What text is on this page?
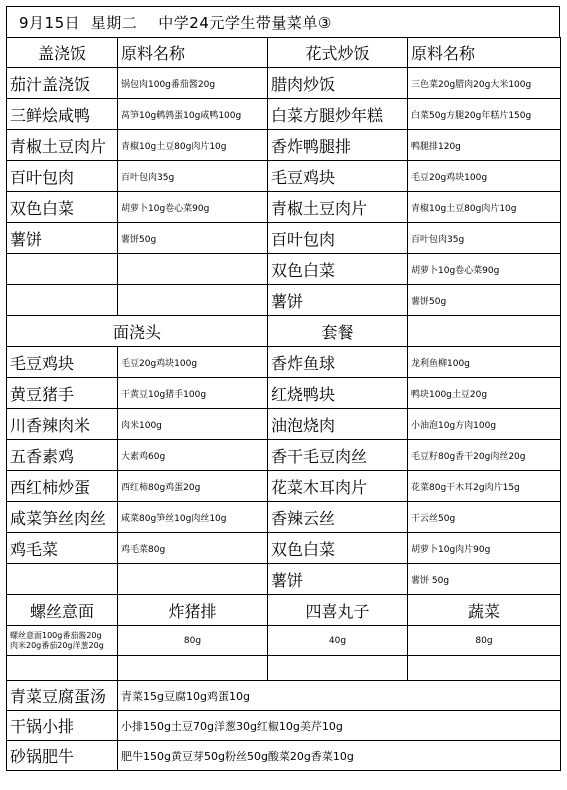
9月15日
星期二
中学24元学生带量菜单③
盖浇饭	原料名称	花式炒饭	原料名称
茄汁盖浇饭	锅包肉100g番茄酱20g	腊肉炒饭	三色菜20g腊肉20g大米100g
三鲜烩咸鸭	莴笋10g鹌鹑蛋10g咸鸭100g	白菜方腿炒年糕	白菜50g方腿20g年糕片150g
青椒土豆肉片	青椒10g土豆80g肉片10g	香炸鸭腿排	鸭腿排120g
百叶包肉	百叶包肉35g	毛豆鸡块	毛豆20g鸡块100g
双色白菜	胡萝卜10g卷心菜90g	青椒土豆肉片	青椒10g土豆80g肉片10g
薯饼	薯饼50g	百叶包肉	百叶包肉35g
		双色白菜	胡萝卜10g卷心菜90g
		薯饼	薯饼50g
面浇头		套餐	
毛豆鸡块	毛豆20g鸡块100g	香炸鱼球	龙利鱼柳100g
黄豆猪手	干黄豆10g猪手100g	红烧鸭块	鸭块100g土豆20g
川香辣肉米	肉米100g	油泡烧肉	小油泡10g方肉100g
五香素鸡	大素鸡60g	香干毛豆肉丝	毛豆籽80g香干20g肉丝20g
西红柿炒蛋	西红柿80g鸡蛋20g	花菜木耳肉片	花菜80g干木耳2g肉片15g
咸菜笋丝肉丝	咸菜80g笋丝10g肉丝10g	香辣云丝	干云丝50g
鸡毛菜	鸡毛菜80g	双色白菜	胡萝卜10g肉片90g
		薯饼	薯饼 50g
螺丝意面	炸猪排	四喜丸子	蔬菜

螺丝意面100g番茄酱20g
肉米20g番茄20g洋葱20g	80g	40g	80g

青菜豆腐蛋汤	青菜15g豆腐10g鸡蛋10g		
干锅小排	小排150g土豆70g洋葱30g红椒10g美芹10g		
砂锅肥牛	肥牛150g黄豆芽50g粉丝50g酸菜20g香菜10g		
